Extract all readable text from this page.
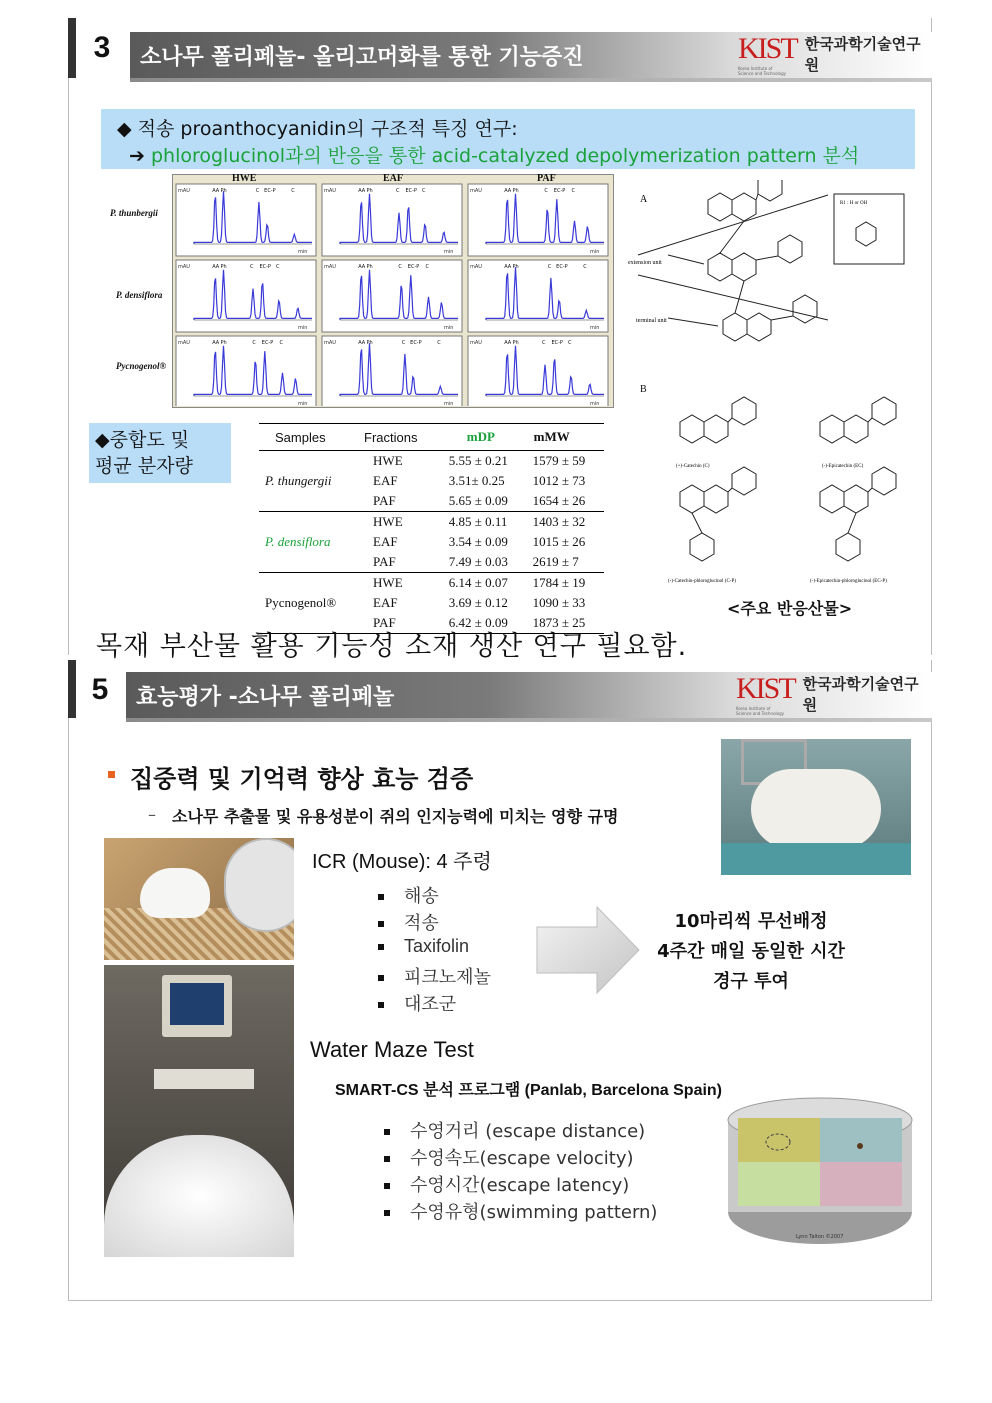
3	소나무 폴리페놀- 올리고머화를 통한 기능증진	KIST
Korea Institute of
Science and Technology
한국과학기술연구원
◆ 적송 proanthocyanidin의 구조적 특징 연구:
➔ phloroglucinol과의 반응을 통한 acid-catalyzed depolymerization pattern 분석
P. thunbergii
P. densiflora
Pycnogenol®
HWE	EAF	PAF
mAU
min
AA Ph	C EC-P	C	mAU
min
AA Ph	C EC-P C	mAU
min
AA Ph	C EC-P C
mAU
min
AA Ph	C EC-P C	mAU
min
AA Ph	C EC-P C	mAU
min
AA Ph	C EC-P	C
mAU
min
AA Ph	C EC-P C	mAU
min
AA Ph	C EC-P	C	mAU
min
AA Ph	C EC-P C
A
extension unit
terminal unit
R1 : H or OH
B
(+)-Catechin (C)	(-)-Epicatechin (EC)
(-)-Catechin-phloroglucinol (C-P)	(-)-Epicatechin-phloroglucinol (EC-P)
◆중합도 및
평균 분자량
Samples	Fractions	mDP	mMW
	HWE	5.55 ± 0.21	1579 ± 59
P. thungergii	EAF	3.51± 0.25	1012 ± 73
	PAF	5.65 ± 0.09	1654 ± 26
	HWE	4.85 ± 0.11	1403 ± 32
P. densiflora	EAF	3.54 ± 0.09	1015 ± 26
	PAF	7.49 ± 0.03	2619 ± 7
	HWE	6.14 ± 0.07	1784 ± 19
Pycnogenol®	EAF	3.69 ± 0.12	1090 ± 33
	PAF	6.42 ± 0.09	1873 ± 25
<주요 반응산물>
목재 부산물 활용 기능성 소재 생산 연구 필요함.
5	효능평가 -소나무 폴리페놀	KIST
Korea Institute of
Science and Technology
한국과학기술연구원
집중력 및 기억력 향상 효능 검증
– 소나무 추출물 및 유용성분이 쥐의 인지능력에 미치는 영향 규명
ICR (Mouse): 4 주령
해송
적송
Taxifolin
피크노제놀
대조군
10마리씩 무선배정
4주간 매일 동일한 시간
경구 투여
Water Maze Test
SMART-CS 분석 프로그램 (Panlab, Barcelona Spain)
수영거리 (escape distance)
수영속도(escape velocity)
수영시간(escape latency)
수영유형(swimming pattern)
Lynn Talton ©2007
